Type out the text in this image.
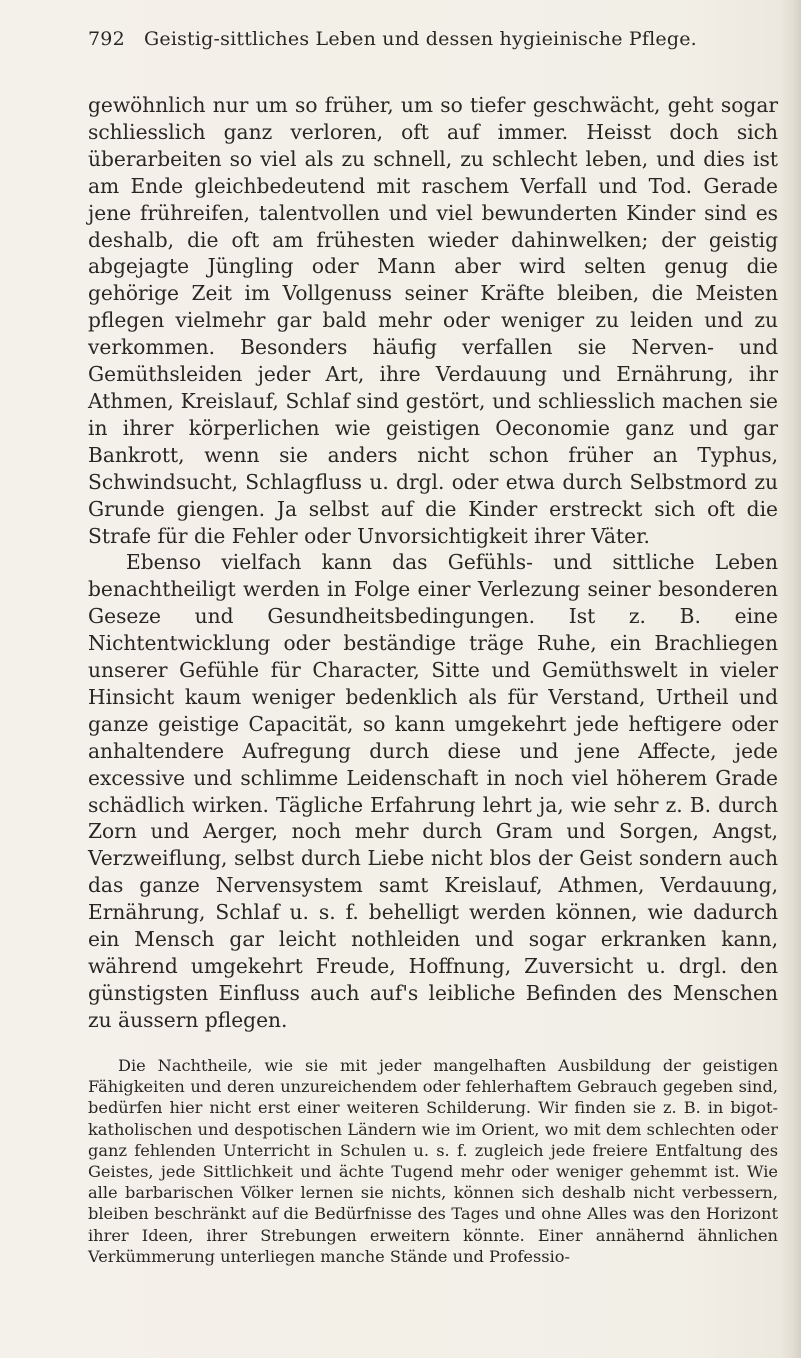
792 Geistig-sittliches Leben und dessen hygieinische Pflege.

gewöhnlich nur um so früher, um so tiefer geschwächt, geht sogar schliesslich ganz verloren, oft auf immer. Heisst doch sich überarbeiten so viel als zu schnell, zu schlecht leben, und dies ist am Ende gleichbedeutend mit raschem Verfall und Tod. Gerade jene frühreifen, talentvollen und viel bewunderten Kinder sind es deshalb, die oft am frühesten wieder dahinwelken; der geistig abgejagte Jüngling oder Mann aber wird selten genug die gehörige Zeit im Vollgenuss seiner Kräfte bleiben, die Meisten pflegen vielmehr gar bald mehr oder weniger zu leiden und zu verkommen. Besonders häufig verfallen sie Nerven- und Gemüthsleiden jeder Art, ihre Verdauung und Ernährung, ihr Athmen, Kreislauf, Schlaf sind gestört, und schliesslich machen sie in ihrer körperlichen wie geistigen Oeconomie ganz und gar Bankrott, wenn sie anders nicht schon früher an Typhus, Schwindsucht, Schlagfluss u. drgl. oder etwa durch Selbstmord zu Grunde giengen. Ja selbst auf die Kinder erstreckt sich oft die Strafe für die Fehler oder Unvorsichtigkeit ihrer Väter.

Ebenso vielfach kann das Gefühls- und sittliche Leben benachtheiligt werden in Folge einer Verlezung seiner besonderen Geseze und Gesundheitsbedingungen. Ist z. B. eine Nichtentwicklung oder beständige träge Ruhe, ein Brachliegen unserer Gefühle für Character, Sitte und Gemüthswelt in vieler Hinsicht kaum weniger bedenklich als für Verstand, Urtheil und ganze geistige Capacität, so kann umgekehrt jede heftigere oder anhaltendere Aufregung durch diese und jene Affecte, jede excessive und schlimme Leidenschaft in noch viel höherem Grade schädlich wirken. Tägliche Erfahrung lehrt ja, wie sehr z. B. durch Zorn und Aerger, noch mehr durch Gram und Sorgen, Angst, Verzweiflung, selbst durch Liebe nicht blos der Geist sondern auch das ganze Nervensystem samt Kreislauf, Athmen, Verdauung, Ernährung, Schlaf u. s. f. behelligt werden können, wie dadurch ein Mensch gar leicht nothleiden und sogar erkranken kann, während umgekehrt Freude, Hoffnung, Zuversicht u. drgl. den günstigsten Einfluss auch auf's leibliche Befinden des Menschen zu äussern pflegen.

Die Nachtheile, wie sie mit jeder mangelhaften Ausbildung der geistigen Fähigkeiten und deren unzureichendem oder fehlerhaftem Gebrauch gegeben sind, bedürfen hier nicht erst einer weiteren Schilderung. Wir finden sie z. B. in bigot-katholischen und despotischen Ländern wie im Orient, wo mit dem schlechten oder ganz fehlenden Unterricht in Schulen u. s. f. zugleich jede freiere Entfaltung des Geistes, jede Sittlichkeit und ächte Tugend mehr oder weniger gehemmt ist. Wie alle barbarischen Völker lernen sie nichts, können sich deshalb nicht verbessern, bleiben beschränkt auf die Bedürfnisse des Tages und ohne Alles was den Horizont ihrer Ideen, ihrer Strebungen erweitern könnte. Einer annähernd ähnlichen Verkümmerung unterliegen manche Stände und Professio-
